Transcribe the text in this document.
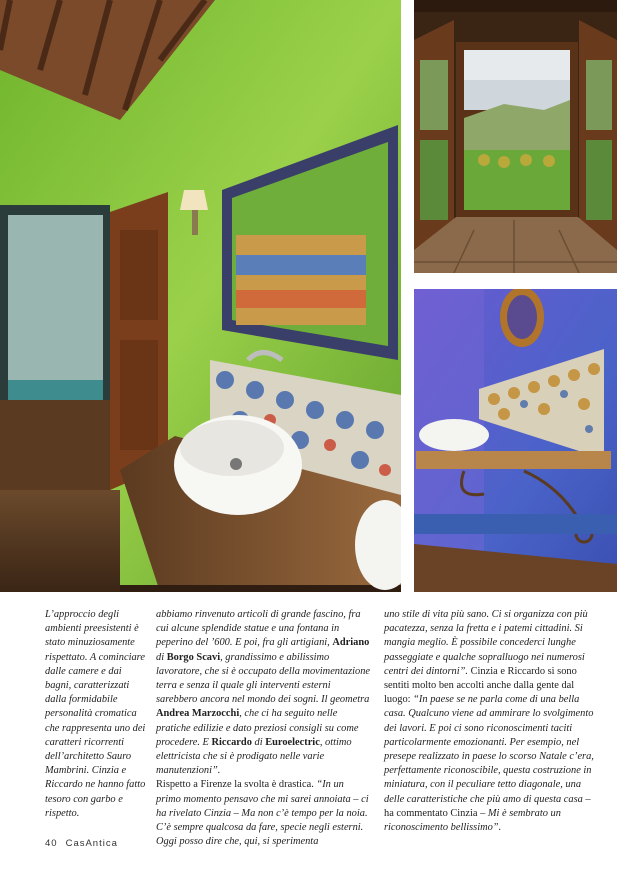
L’approccio degli ambienti preesistenti è stato minuziosamente rispettato. A cominciare dalle camere e dai bagni, caratterizzati dalla formidabile personalità cromatica che rappresenta uno dei caratteri ricorrenti dell’architetto Sauro Mambrini. Cinzia e Riccardo ne hanno fatto tesoro con garbo e rispetto.

abbiamo rinvenuto articoli di grande fascino, fra cui alcune splendide statue e una fontana in peperino del ’600. E poi, fra gli artigiani, Adriano di Borgo Scavi, grandissimo e abilissimo lavoratore, che si è occupato della movimentazione terra e senza il quale gli interventi esterni sarebbero ancora nel mondo dei sogni. Il geometra Andrea Marzocchi, che ci ha seguito nelle pratiche edilizie e dato preziosi consigli su come procedere. E Riccardo di Euroelectric, ottimo elettricista che si è prodigato nelle varie manutenzioni”.

Rispetto a Firenze la svolta è drastica. “In un primo momento pensavo che mi sarei annoiata – ci ha rivelato Cinzia – Ma non c’è tempo per la noia. C’è sempre qualcosa da fare, specie negli esterni. Oggi posso dire che, qui, si sperimenta

uno stile di vita più sano. Ci si organizza con più pacatezza, senza la fretta e i patemi cittadini. Si mangia meglio. È possibile concederci lunghe passeggiate e qualche sopralluogo nei numerosi centri dei dintorni”. Cinzia e Riccardo si sono sentiti molto ben accolti anche dalla gente dal luogo: “In paese se ne parla come di una bella casa. Qualcuno viene ad ammirare lo svolgimento dei lavori. E poi ci sono riconoscimenti taciti particolarmente emozionanti. Per esempio, nel presepe realizzato in paese lo scorso Natale c’era, perfettamente riconoscibile, questa costruzione in miniatura, con il peculiare tetto diagonale, una delle caratteristiche che più amo di questa casa – ha commentato Cinzia – Mi è sembrato un riconoscimento bellissimo”.

40 CasAntica
